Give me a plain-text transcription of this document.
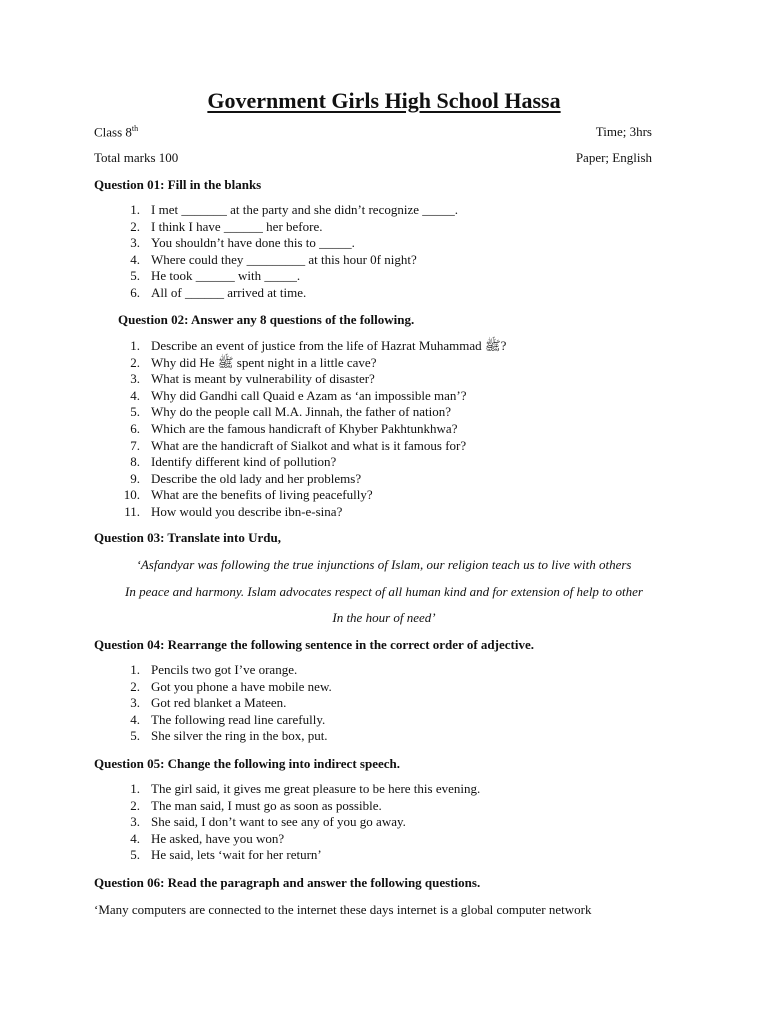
Government Girls High School Hassa
Class 8th	Time; 3hrs
Total marks 100	Paper; English
Question 01: Fill in the blanks
1. I met _______ at the party and she didn’t recognize _____.
2. I think I have ______ her before.
3. You shouldn’t have done this to _____.
4. Where could they _________ at this hour 0f night?
5. He took ______ with _____.
6. All of ______ arrived at time.
Question 02: Answer any 8 questions of the following.
1. Describe an event of justice from the life of Hazrat Muhammad ﷺ?
2. Why did He ﷺ spent night in a little cave?
3. What is meant by vulnerability of disaster?
4. Why did Gandhi call Quaid e Azam as ‘an impossible man’?
5. Why do the people call M.A. Jinnah, the father of nation?
6. Which are the famous handicraft of Khyber Pakhtunkhwa?
7. What are the handicraft of Sialkot and what is it famous for?
8. Identify different kind of pollution?
9. Describe the old lady and her problems?
10. What are the benefits of living peacefully?
11. How would you describe ibn-e-sina?
Question 03: Translate into Urdu,
‘Asfandyar was following the true injunctions of Islam, our religion teach us to live with others
In peace and harmony. Islam advocates respect of all human kind and for extension of help to other
In the hour of need’
Question 04: Rearrange the following sentence in the correct order of adjective.
1. Pencils two got I’ve orange.
2. Got you phone a have mobile new.
3. Got red blanket a Mateen.
4. The following read line carefully.
5. She silver the ring in the box, put.
Question 05: Change the following into indirect speech.
1. The girl said, it gives me great pleasure to be here this evening.
2. The man said, I must go as soon as possible.
3. She said, I don’t want to see any of you go away.
4. He asked, have you won?
5. He said, lets ‘wait for her return’
Question 06: Read the paragraph and answer the following questions.
‘Many computers are connected to the internet these days internet is a global computer network
